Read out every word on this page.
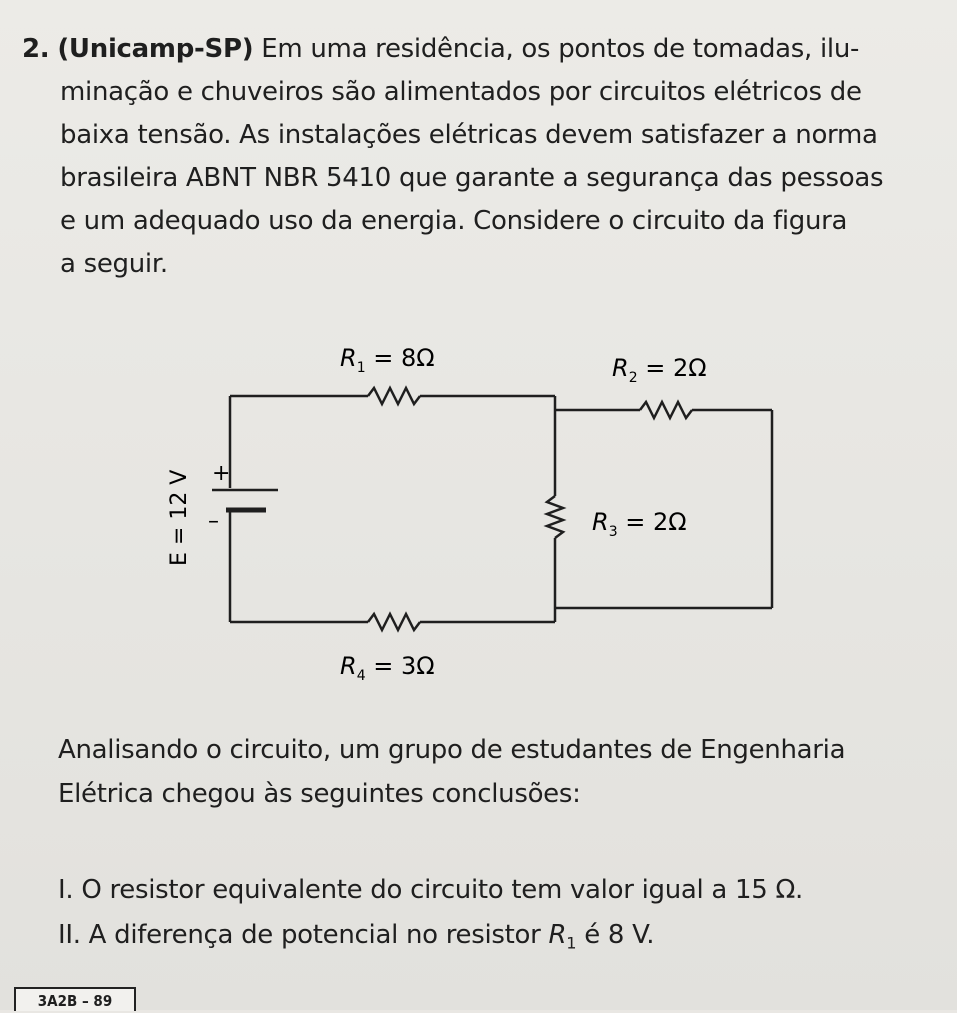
2. (Unicamp-SP) Em uma residência, os pontos de tomadas, ilu-
minação e chuveiros são alimentados por circuitos elétricos de
baixa tensão. As instalações elétricas devem satisfazer a norma
brasileira ABNT NBR 5410 que garante a segurança das pessoas
e um adequado uso da energia. Considere o circuito da figura
a seguir.
E = 12 V +
–
$R_1 = 8\Omega$	$R_2 = 2\Omega$
$R_3 = 2\Omega$
$R_4 = 3\Omega$
Analisando o circuito, um grupo de estudantes de Engenharia
Elétrica chegou às seguintes conclusões:
I. O resistor equivalente do circuito tem valor igual a 15 Ω.
II. A diferença de potencial no resistor $R_1$ é 8 V.
3A2B – 89
